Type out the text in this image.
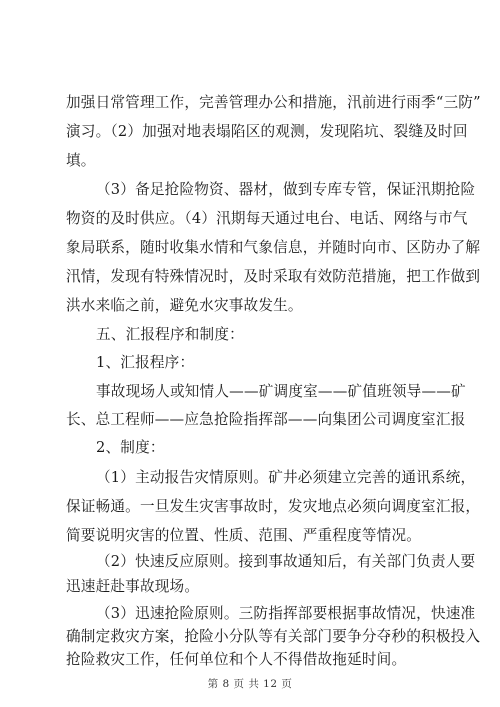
加强日常管理工作，完善管理办公和措施，汛前进行雨季“三防”
演习。（2）加强对地表塌陷区的观测，发现陷坑、裂缝及时回
填。
（3）备足抢险物资、器材，做到专库专管，保证汛期抢险
物资的及时供应。（4）汛期每天通过电台、电话、网络与市气
象局联系，随时收集水情和气象信息，并随时向市、区防办了解
汛情，发现有特殊情况时，及时采取有效防范措施，把工作做到
洪水来临之前，避免水灾事故发生。
五、汇报程序和制度：
1、汇报程序：
事故现场人或知情人——矿调度室——矿值班领导——矿
长、总工程师——应急抢险指挥部——向集团公司调度室汇报
2、制度：
（1）主动报告灾情原则。矿井必须建立完善的通讯系统，
保证畅通。一旦发生灾害事故时，发灾地点必须向调度室汇报，
简要说明灾害的位置、性质、范围、严重程度等情况。
（2）快速反应原则。接到事故通知后，有关部门负责人要
迅速赶赴事故现场。
（3）迅速抢险原则。三防指挥部要根据事故情况，快速准
确制定救灾方案，抢险小分队等有关部门要争分夺秒的积极投入
抢险救灾工作，任何单位和个人不得借故拖延时间。
第 8 页 共 12 页
